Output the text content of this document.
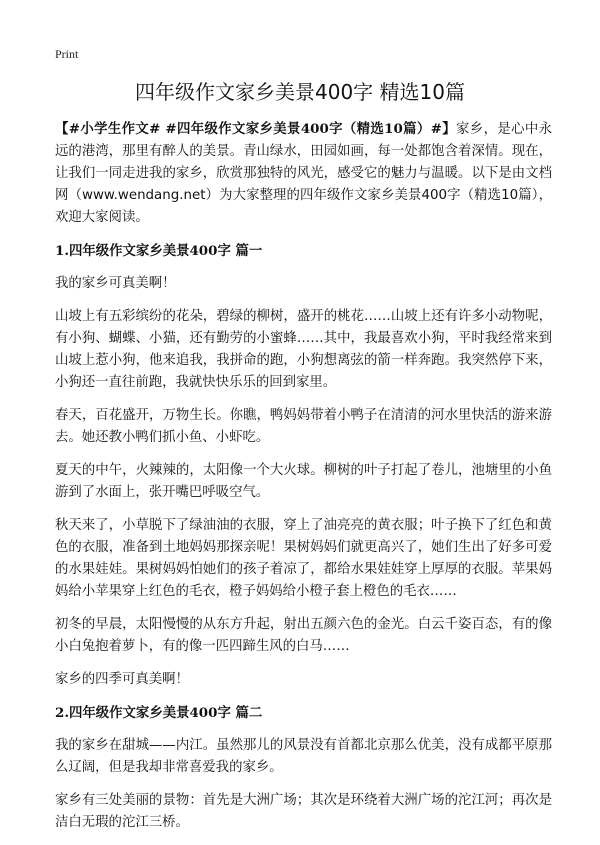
Print
四年级作文家乡美景400字 精选10篇

【#小学生作文# #四年级作文家乡美景400字（精选10篇）#】家乡，是心中永远的港湾，那里有醉人的美景。青山绿水，田园如画，每一处都饱含着深情。现在，让我们一同走进我的家乡，欣赏那独特的风光，感受它的魅力与温暖。以下是由文档网（www.wendang.net）为大家整理的四年级作文家乡美景400字（精选10篇），欢迎大家阅读。

1.四年级作文家乡美景400字 篇一

我的家乡可真美啊！

山坡上有五彩缤纷的花朵，碧绿的柳树，盛开的桃花……山坡上还有许多小动物呢，有小狗、蝴蝶、小猫，还有勤劳的小蜜蜂……其中，我最喜欢小狗，平时我经常来到山坡上惹小狗，他来追我，我拼命的跑，小狗想离弦的箭一样奔跑。我突然停下来，小狗还一直往前跑，我就快快乐乐的回到家里。

春天，百花盛开，万物生长。你瞧，鸭妈妈带着小鸭子在清清的河水里快活的游来游去。她还教小鸭们抓小鱼、小虾吃。

夏天的中午，火辣辣的，太阳像一个大火球。柳树的叶子打起了卷儿，池塘里的小鱼游到了水面上，张开嘴巴呼吸空气。

秋天来了，小草脱下了绿油油的衣服，穿上了油亮亮的黄衣服；叶子换下了红色和黄色的衣服，准备到土地妈妈那探亲呢！果树妈妈们就更高兴了，她们生出了好多可爱的水果娃娃。果树妈妈怕她们的孩子着凉了，都给水果娃娃穿上厚厚的衣服。苹果妈妈给小苹果穿上红色的毛衣，橙子妈妈给小橙子套上橙色的毛衣……

初冬的早晨，太阳慢慢的从东方升起，射出五颜六色的金光。白云千姿百态，有的像小白兔抱着萝卜，有的像一匹四蹄生风的白马……

家乡的四季可真美啊！

2.四年级作文家乡美景400字 篇二

我的家乡在甜城——内江。虽然那儿的风景没有首都北京那么优美，没有成都平原那么辽阔，但是我却非常喜爱我的家乡。

家乡有三处美丽的景物：首先是大洲广场；其次是环绕着大洲广场的沱江河；再次是洁白无瑕的沱江三桥。
